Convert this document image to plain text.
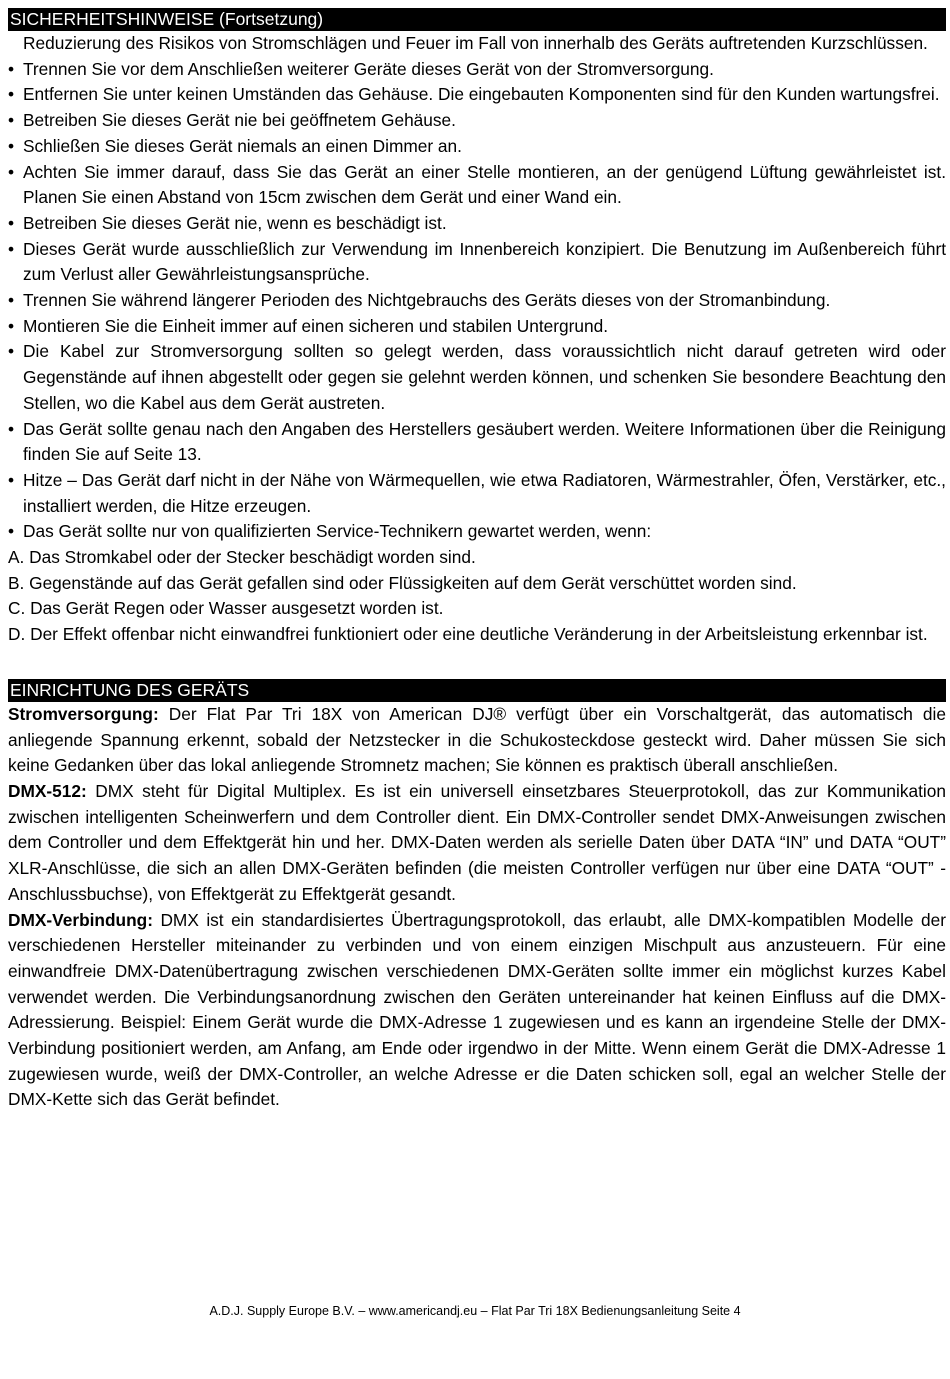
SICHERHEITSHINWEISE (Fortsetzung)

Reduzierung des Risikos von Stromschlägen und Feuer im Fall von innerhalb des Geräts auftretenden Kurzschlüssen.

• Trennen Sie vor dem Anschließen weiterer Geräte dieses Gerät von der Stromversorgung.
• Entfernen Sie unter keinen Umständen das Gehäuse. Die eingebauten Komponenten sind für den Kunden wartungsfrei.
• Betreiben Sie dieses Gerät nie bei geöffnetem Gehäuse.
• Schließen Sie dieses Gerät niemals an einen Dimmer an.
• Achten Sie immer darauf, dass Sie das Gerät an einer Stelle montieren, an der genügend Lüftung gewährleistet ist. Planen Sie einen Abstand von 15cm zwischen dem Gerät und einer Wand ein.
• Betreiben Sie dieses Gerät nie, wenn es beschädigt ist.
• Dieses Gerät wurde ausschließlich zur Verwendung im Innenbereich konzipiert. Die Benutzung im Außenbereich führt zum Verlust aller Gewährleistungsansprüche.
• Trennen Sie während längerer Perioden des Nichtgebrauchs des Geräts dieses von der Stromanbindung.
• Montieren Sie die Einheit immer auf einen sicheren und stabilen Untergrund.
• Die Kabel zur Stromversorgung sollten so gelegt werden, dass voraussichtlich nicht darauf getreten wird oder Gegenstände auf ihnen abgestellt oder gegen sie gelehnt werden können, und schenken Sie besondere Beachtung den Stellen, wo die Kabel aus dem Gerät austreten.
• Das Gerät sollte genau nach den Angaben des Herstellers gesäubert werden. Weitere Informationen über die Reinigung finden Sie auf Seite 13.
• Hitze – Das Gerät darf nicht in der Nähe von Wärmequellen, wie etwa Radiatoren, Wärmestrahler, Öfen, Verstärker, etc., installiert werden, die Hitze erzeugen.
• Das Gerät sollte nur von qualifizierten Service-Technikern gewartet werden, wenn:
A. Das Stromkabel oder der Stecker beschädigt worden sind.
B. Gegenstände auf das Gerät gefallen sind oder Flüssigkeiten auf dem Gerät verschüttet worden sind.
C. Das Gerät Regen oder Wasser ausgesetzt worden ist.
D. Der Effekt offenbar nicht einwandfrei funktioniert oder eine deutliche Veränderung in der Arbeitsleistung erkennbar ist.
EINRICHTUNG DES GERÄTS

Stromversorgung: Der Flat Par Tri 18X von American DJ® verfügt über ein Vorschaltgerät, das automatisch die anliegende Spannung erkennt, sobald der Netzstecker in die Schukosteckdose gesteckt wird. Daher müssen Sie sich keine Gedanken über das lokal anliegende Stromnetz machen; Sie können es praktisch überall anschließen.

DMX-512: DMX steht für Digital Multiplex. Es ist ein universell einsetzbares Steuerprotokoll, das zur Kommunikation zwischen intelligenten Scheinwerfern und dem Controller dient. Ein DMX-Controller sendet DMX-Anweisungen zwischen dem Controller und dem Effektgerät hin und her. DMX-Daten werden als serielle Daten über DATA “IN” und DATA “OUT” XLR-Anschlüsse, die sich an allen DMX-Geräten befinden (die meisten Controller verfügen nur über eine DATA “OUT” - Anschlussbuchse), von Effektgerät zu Effektgerät gesandt.

DMX-Verbindung: DMX ist ein standardisiertes Übertragungsprotokoll, das erlaubt, alle DMX-kompatiblen Modelle der verschiedenen Hersteller miteinander zu verbinden und von einem einzigen Mischpult aus anzusteuern. Für eine einwandfreie DMX-Datenübertragung zwischen verschiedenen DMX-Geräten sollte immer ein möglichst kurzes Kabel verwendet werden. Die Verbindungsanordnung zwischen den Geräten untereinander hat keinen Einfluss auf die DMX-Adressierung. Beispiel: Einem Gerät wurde die DMX-Adresse 1 zugewiesen und es kann an irgendeine Stelle der DMX-Verbindung positioniert werden, am Anfang, am Ende oder irgendwo in der Mitte. Wenn einem Gerät die DMX-Adresse 1 zugewiesen wurde, weiß der DMX-Controller, an welche Adresse er die Daten schicken soll, egal an welcher Stelle der DMX-Kette sich das Gerät befindet.

A.D.J. Supply Europe B.V. – www.americandj.eu – Flat Par Tri 18X Bedienungsanleitung Seite 4
